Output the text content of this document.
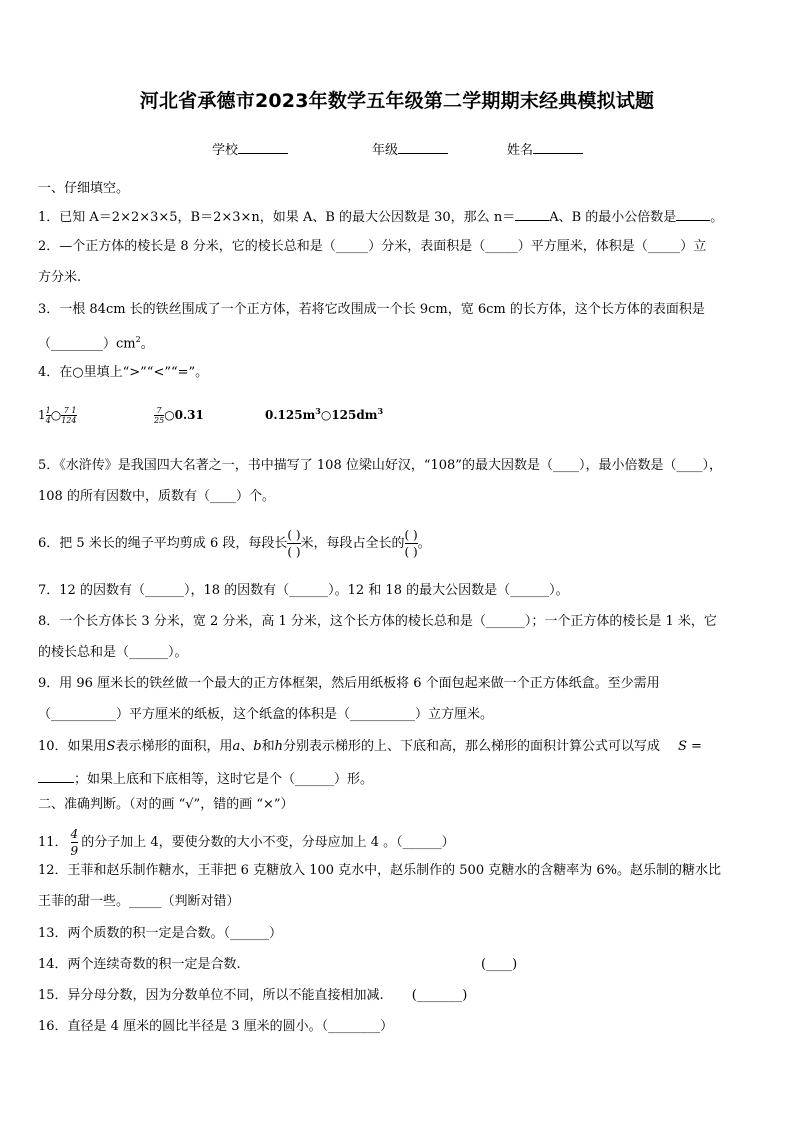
河北省承德市2023年数学五年级第二学期期末经典模拟试题
学校	年级	姓名
一、仔细填空。
1．已知 A＝2×2×3×5，B＝2×3×n，如果 A、B 的最大公因数是 30，那么 n＝	A、B 的最小公倍数是	。
2．—个正方体的棱长是 8 分米，它的棱长总和是（_____）分米，表面积是（_____）平方厘米，体积是（_____）立
方分米.
3．一根 84cm 长的铁丝围成了一个正方体，若将它改围成一个长 9cm，宽 6cm 的长方体，这个长方体的表面积是
$(\_\_\_\_\_\_\_\_)cm^2$。
4．在○里填上“>”“<”“=”。
$1 \frac{1}{4}$ ○ $\frac{7}{12} \frac{1}{4}$	$\frac{7}{25}$ ○0.31	$0.125m^3○125dm^3$
5．《水浒传》是我国四大名著之一，书中描写了 108 位梁山好汉，“108”的最大因数是（____），最小倍数是（____），
108 的所有因数中，质数有（____）个。
6．把 5 米长的绳子平均剪成 6 段，每段长 $\frac{( )}{( )}$ 米，每段占全长的 $\frac{( )}{( )}$ 。
7．12 的因数有（______），18 的因数有（______）。12 和 18 的最大公因数是（______）。
8．一个长方体长 3 分米，宽 2 分米，高 1 分米，这个长方体的棱长总和是（______）；一个正方体的棱长是 1 米，它
的棱长总和是（______）。
9．用 96 厘米长的铁丝做一个最大的正方体框架，然后用纸板将 6 个面包起来做一个正方体纸盒。至少需用
（__________）平方厘米的纸板，这个纸盒的体积是（__________）立方厘米。
10．如果用S表示梯形的面积，用a、b和h分别表示梯形的上、下底和高，那么梯形的面积计算公式可以写成 S =
；如果上底和下底相等，这时它是个（______）形。
二、准确判断。（对的画 “√”，错的画 “×”）
11． $\frac{4}{9}$ 的分子加上 4，要使分数的大小不变，分母应加上 4 。（______）
12．王菲和赵乐制作糖水，王菲把 6 克糖放入 100 克水中，赵乐制作的 500 克糖水的含糖率为 6%。赵乐制的糖水比
王菲的甜一些。_____（判断对错）
13．两个质数的积一定是合数。（______）
14．两个连续奇数的积一定是合数.	(____)
15．异分母分数，因为分数单位不同，所以不能直接相加减. (_______)
16．直径是 4 厘米的圆比半径是 3 厘米的圆小。（________）
